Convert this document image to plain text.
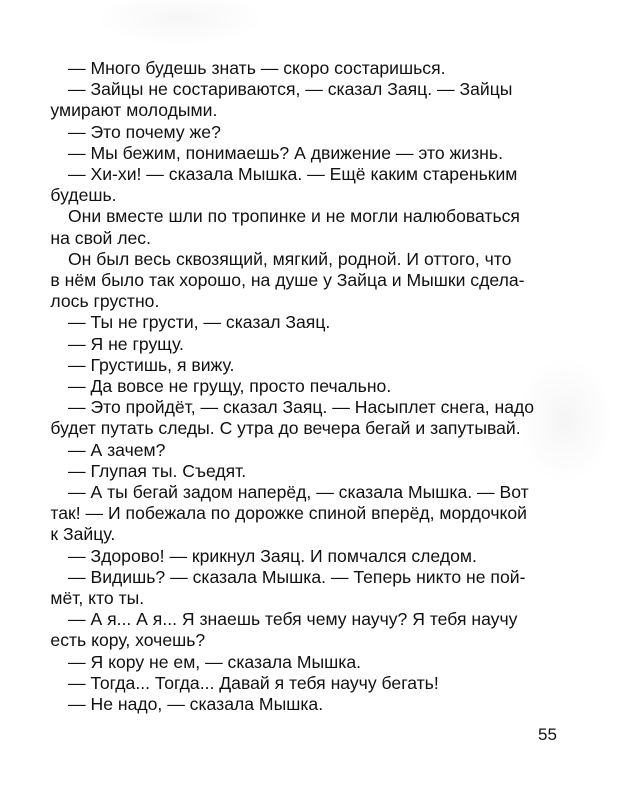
— Много будешь знать — скоро состаришься.
— Зайцы не состариваются, — сказал Заяц. — Зайцы
умирают молодыми.
— Это почему же?
— Мы бежим, понимаешь? А движение — это жизнь.
— Хи-хи! — сказала Мышка. — Ещё каким стареньким
будешь.
Они вместе шли по тропинке и не могли налюбоваться
на свой лес.
Он был весь сквозящий, мягкий, родной. И оттого, что
в нём было так хорошо, на душе у Зайца и Мышки сдела-
лось грустно.
— Ты не грусти, — сказал Заяц.
— Я не грущу.
— Грустишь, я вижу.
— Да вовсе не грущу, просто печально.
— Это пройдёт, — сказал Заяц. — Насыплет снега, надо
будет путать следы. С утра до вечера бегай и запутывай.
— А зачем?
— Глупая ты. Съедят.
— А ты бегай задом наперёд, — сказала Мышка. — Вот
так! — И побежала по дорожке спиной вперёд, мордочкой
к Зайцу.
— Здорово! — крикнул Заяц. И помчался следом.
— Видишь? — сказала Мышка. — Теперь никто не пой-
мёт, кто ты.
— А я... А я... Я знаешь тебя чему научу? Я тебя научу
есть кору, хочешь?
— Я кору не ем, — сказала Мышка.
— Тогда... Тогда... Давай я тебя научу бегать!
— Не надо, — сказала Мышка.
55
